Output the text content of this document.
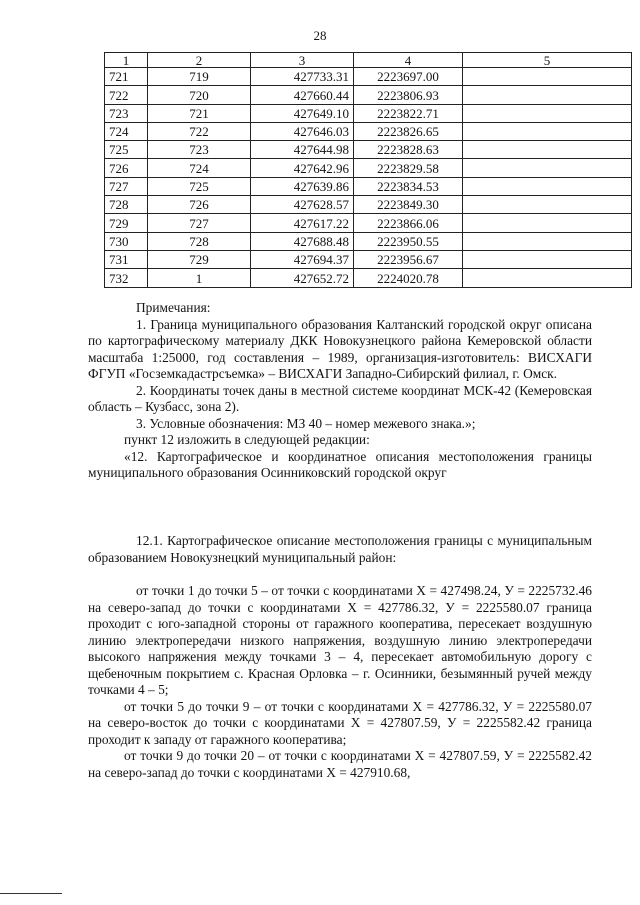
28
1	2	3	4	5
721	719	427733.31	2223697.00	
722	720	427660.44	2223806.93	
723	721	427649.10	2223822.71	
724	722	427646.03	2223826.65	
725	723	427644.98	2223828.63	
726	724	427642.96	2223829.58	
727	725	427639.86	2223834.53	
728	726	427628.57	2223849.30	
729	727	427617.22	2223866.06	
730	728	427688.48	2223950.55	
731	729	427694.37	2223956.67	
732	1	427652.72	2224020.78	

Примечания:

1. Граница муниципального образования Калтанский городской округ описана по картографическому материалу ДКК Новокузнецкого района Кемеровской области масштаба 1:25000, год составления – 1989, организация-изготовитель: ВИСХАГИ ФГУП «Госземкадастрсъемка» – ВИСХАГИ Западно-Сибирский филиал, г. Омск.

2. Координаты точек даны в местной системе координат МСК-42 (Кемеровская область – Кузбасс, зона 2).

3. Условные обозначения: МЗ 40 – номер межевого знака.»;

пункт 12 изложить в следующей редакции:

«12. Картографическое и координатное описания местоположения границы муниципального образования Осинниковский городской округ

12.1. Картографическое описание местоположения границы с муниципальным образованием Новокузнецкий муниципальный район:

от точки 1 до точки 5 – от точки с координатами X = 427498.24, У = 2225732.46 на северо-запад до точки с координатами X = 427786.32, У = 2225580.07 граница проходит с юго-западной стороны от гаражного кооператива, пересекает воздушную линию электропередачи низкого напряжения, воздушную линию электропередачи высокого напряжения между точками 3 – 4, пересекает автомобильную дорогу с щебеночным покрытием с. Красная Орловка – г. Осинники, безымянный ручей между точками 4 – 5;

от точки 5 до точки 9 – от точки с координатами X = 427786.32, У = 2225580.07 на северо-восток до точки с координатами X = 427807.59, У = 2225582.42 граница проходит к западу от гаражного кооператива;

от точки 9 до точки 20 – от точки с координатами X = 427807.59, У = 2225582.42 на северо-запад до точки с координатами X = 427910.68,
